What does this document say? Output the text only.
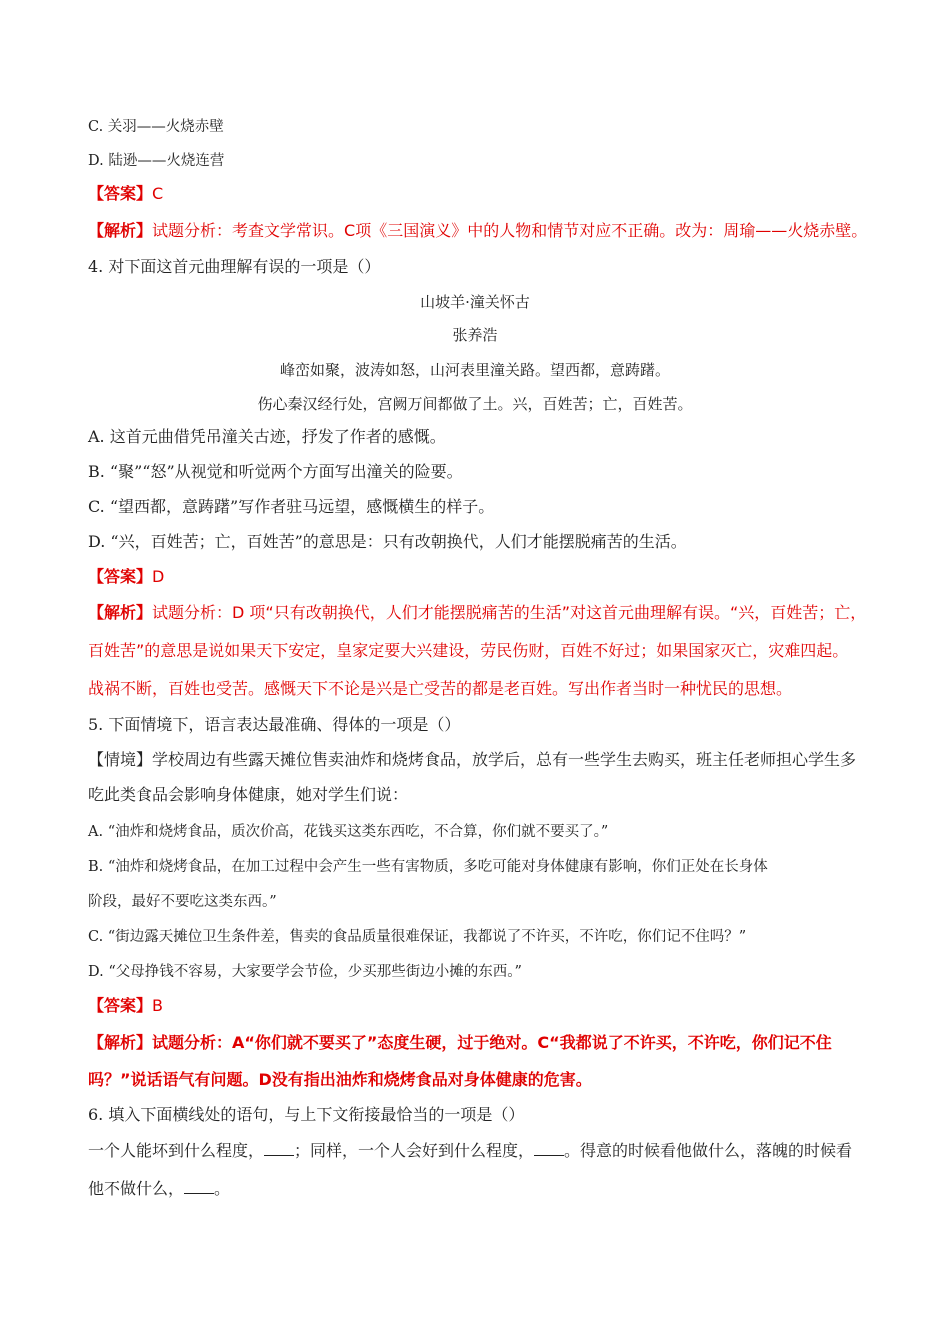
C. 关羽——火烧赤壁
D. 陆逊——火烧连营
【答案】C
【解析】试题分析：考查文学常识。C项《三国演义》中的人物和情节对应不正确。改为：周瑜——火烧赤壁。
4. 对下面这首元曲理解有误的一项是（）
山坡羊·潼关怀古
张养浩
峰峦如聚，波涛如怒，山河表里潼关路。望西都，意踌躇。
伤心秦汉经行处，宫阙万间都做了土。兴，百姓苦；亡，百姓苦。
A. 这首元曲借凭吊潼关古迹，抒发了作者的感慨。
B. “聚”“怒”从视觉和听觉两个方面写出潼关的险要。
C. “望西都，意踌躇”写作者驻马远望，感慨横生的样子。
D. “兴，百姓苦；亡，百姓苦”的意思是：只有改朝换代，人们才能摆脱痛苦的生活。
【答案】D
【解析】试题分析：D 项“只有改朝换代，人们才能摆脱痛苦的生活”对这首元曲理解有误。“兴，百姓苦；亡，
百姓苦”的意思是说如果天下安定，皇家定要大兴建设，劳民伤财，百姓不好过；如果国家灭亡，灾难四起。
战祸不断，百姓也受苦。感慨天下不论是兴是亡受苦的都是老百姓。写出作者当时一种忧民的思想。
5. 下面情境下，语言表达最准确、得体的一项是（）
【情境】学校周边有些露天摊位售卖油炸和烧烤食品，放学后，总有一些学生去购买，班主任老师担心学生多
吃此类食品会影响身体健康，她对学生们说：
A. “油炸和烧烤食品，质次价高，花钱买这类东西吃，不合算，你们就不要买了。”
B. “油炸和烧烤食品，在加工过程中会产生一些有害物质，多吃可能对身体健康有影响，你们正处在长身体
阶段，最好不要吃这类东西。”
C. “街边露天摊位卫生条件差，售卖的食品质量很难保证，我都说了不许买，不许吃，你们记不住吗？”
D. “父母挣钱不容易，大家要学会节俭，少买那些街边小摊的东西。”
【答案】B
【解析】试题分析：A“你们就不要买了”态度生硬，过于绝对。C“我都说了不许买，不许吃，你们记不住
吗？”说话语气有问题。D没有指出油炸和烧烤食品对身体健康的危害。
6. 填入下面横线处的语句，与上下文衔接最恰当的一项是（）
一个人能坏到什么程度， ；同样，一个人会好到什么程度， 。得意的时候看他做什么，落魄的时候看
他不做什么， 。
